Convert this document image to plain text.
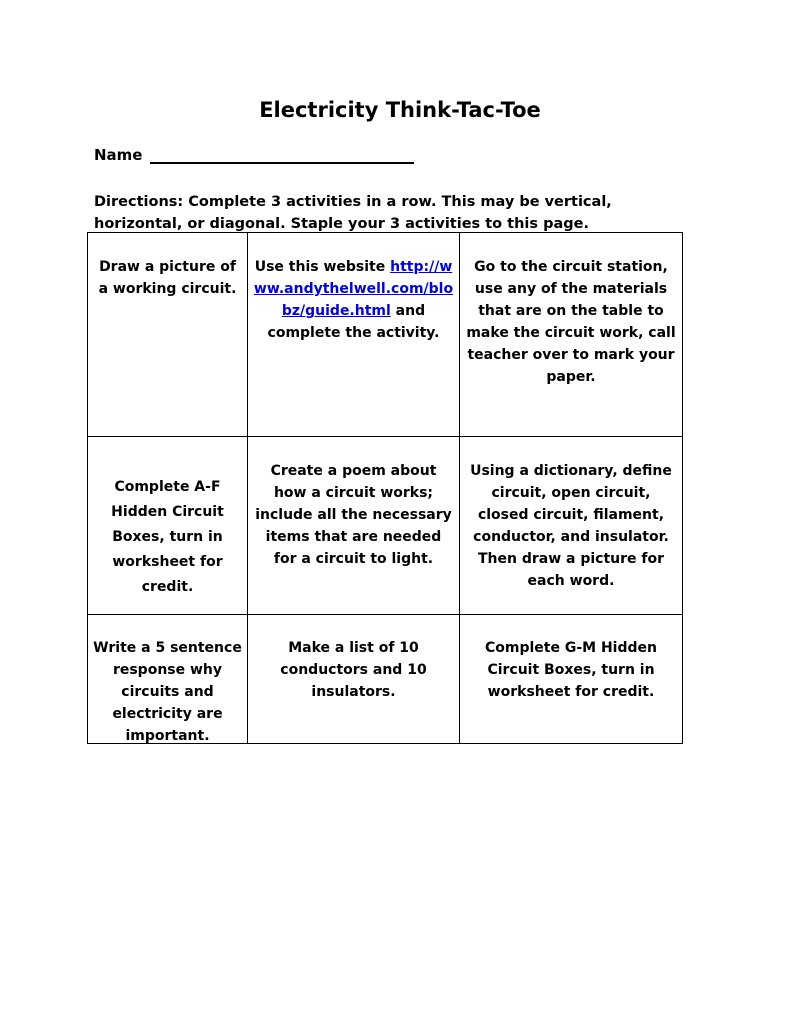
Electricity Think-Tac-Toe
Name
Directions: Complete 3 activities in a row. This may be vertical, horizontal, or diagonal. Staple your 3 activities to this page.
Draw a picture of a working circuit.
Use this website http://www.andythelwell.com/blobz/guide.html and complete the activity.
Go to the circuit station, use any of the materials that are on the table to make the circuit work, call teacher over to mark your paper.
Complete A-F Hidden Circuit Boxes, turn in worksheet for credit.
Create a poem about how a circuit works; include all the necessary items that are needed for a circuit to light.
Using a dictionary, define circuit, open circuit, closed circuit, filament, conductor, and insulator. Then draw a picture for each word.
Write a 5 sentence response why circuits and electricity are important.
Make a list of 10 conductors and 10 insulators.
Complete G-M Hidden Circuit Boxes, turn in worksheet for credit.
